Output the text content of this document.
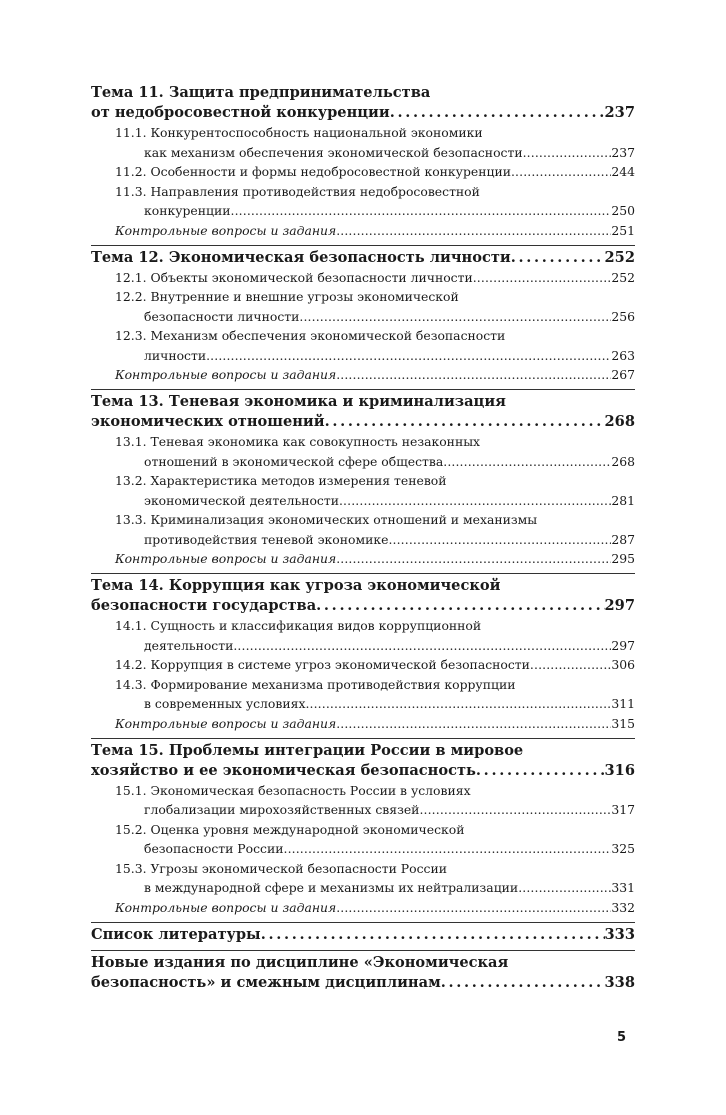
Тема 11. Защита предпринимательства
от недобросовестной конкуренции . . .	237
11.1. Конкурентоспособность национальной экономики
как механизм обеспечения экономической безопасности . . .	237
11.2. Особенности и формы недобросовестной конкуренции . . .	244
11.3. Направления противодействия недобросовестной
конкуренции . . .	250
Контрольные вопросы и задания . . .	251
Тема 12. Экономическая безопасность личности . . .	252
12.1. Объекты экономической безопасности личности . . .	252
12.2. Внутренние и внешние угрозы экономической
безопасности личности . . .	256
12.3. Механизм обеспечения экономической безопасности
личности . . .	263
Контрольные вопросы и задания . . .	267
Тема 13. Теневая экономика и криминализация
экономических отношений . . .	268
13.1. Теневая экономика как совокупность незаконных
отношений в экономической сфере общества . . .	268
13.2. Характеристика методов измерения теневой
экономической деятельности . . .	281
13.3. Криминализация экономических отношений и механизмы
противодействия теневой экономике . . .	287
Контрольные вопросы и задания . . .	295
Тема 14. Коррупция как угроза экономической
безопасности государства . . .	297
14.1. Сущность и классификация видов коррупционной
деятельности . . .	297
14.2. Коррупция в системе угроз экономической безопасности . . .	306
14.3. Формирование механизма противодействия коррупции
в современных условиях . . .	311
Контрольные вопросы и задания . . .	315
Тема 15. Проблемы интеграции России в мировое
хозяйство и ее экономическая безопасность . . .	316
15.1. Экономическая безопасность России в условиях
глобализации мирохозяйственных связей . . .	317
15.2. Оценка уровня международной экономической
безопасности России . . .	325
15.3. Угрозы экономической безопасности России
в международной сфере и механизмы их нейтрализации . . .	331
Контрольные вопросы и задания . . .	332
Список литературы . . .	333
Новые издания по дисциплине «Экономическая
безопасность» и смежным дисциплинам . . .	338
5
